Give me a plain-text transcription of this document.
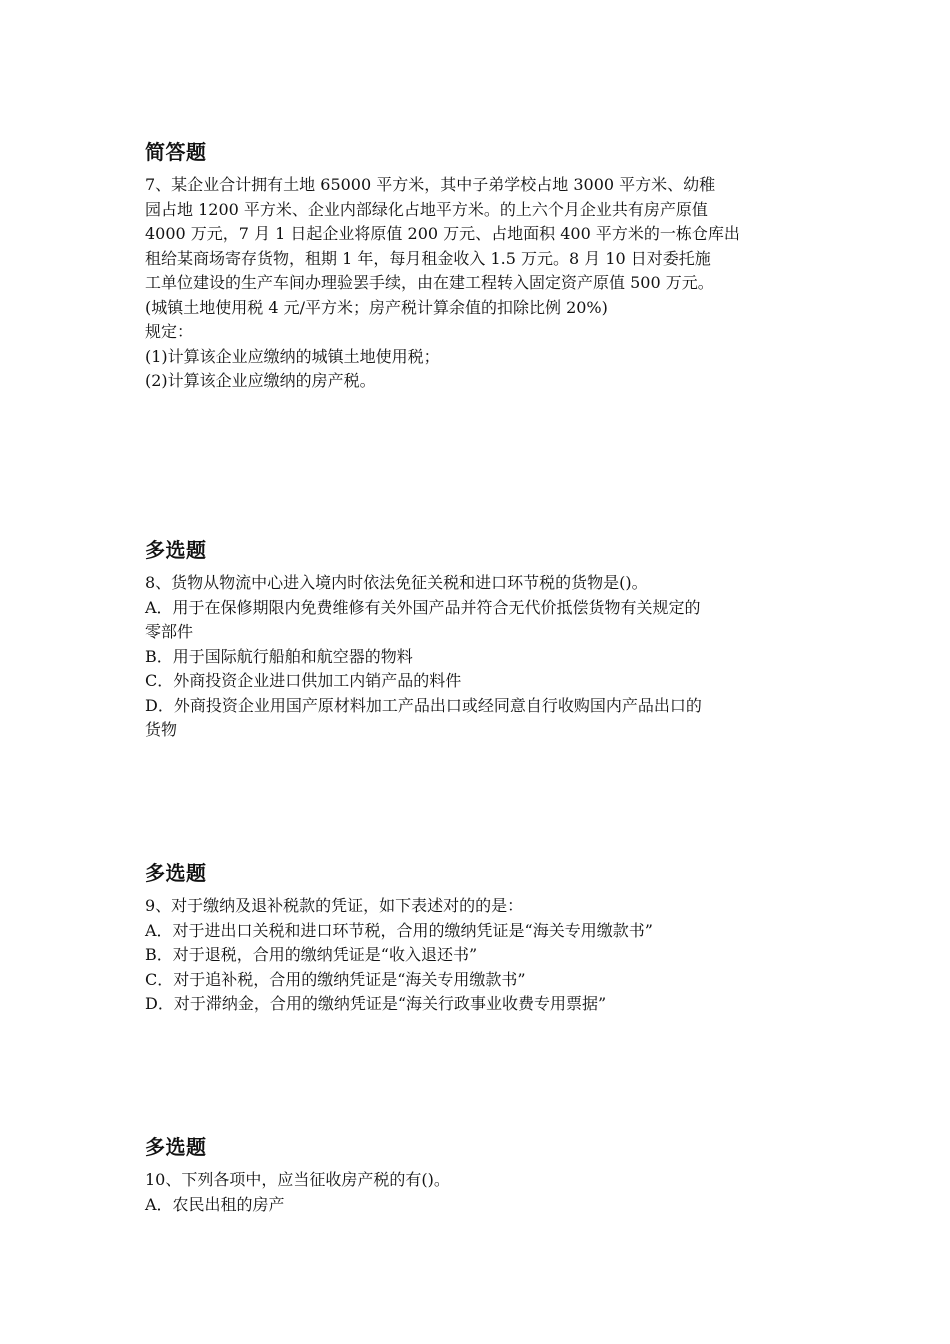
简答题
7、某企业合计拥有土地 65000 平方米，其中子弟学校占地 3000 平方米、幼稚
园占地 1200 平方米、企业内部绿化占地平方米。的上六个月企业共有房产原值
4000 万元，7 月 1 日起企业将原值 200 万元、占地面积 400 平方米的一栋仓库出
租给某商场寄存货物，租期 1 年，每月租金收入 1.5 万元。8 月 10 日对委托施
工单位建设的生产车间办理验罢手续，由在建工程转入固定资产原值 500 万元。
(城镇土地使用税 4 元/平方米；房产税计算余值的扣除比例 20%)
规定：
(1)计算该企业应缴纳的城镇土地使用税；
(2)计算该企业应缴纳的房产税。
多选题
8、货物从物流中心进入境内时依法免征关税和进口环节税的货物是()。
A．用于在保修期限内免费维修有关外国产品并符合无代价抵偿货物有关规定的
零部件
B．用于国际航行船舶和航空器的物料
C．外商投资企业进口供加工内销产品的料件
D．外商投资企业用国产原材料加工产品出口或经同意自行收购国内产品出口的
货物
多选题
9、对于缴纳及退补税款的凭证，如下表述对的的是：
A．对于进出口关税和进口环节税，合用的缴纳凭证是“海关专用缴款书”
B．对于退税，合用的缴纳凭证是“收入退还书”
C．对于追补税，合用的缴纳凭证是“海关专用缴款书”
D．对于滞纳金，合用的缴纳凭证是“海关行政事业收费专用票据”
多选题
10、下列各项中，应当征收房产税的有()。
A．农民出租的房产
